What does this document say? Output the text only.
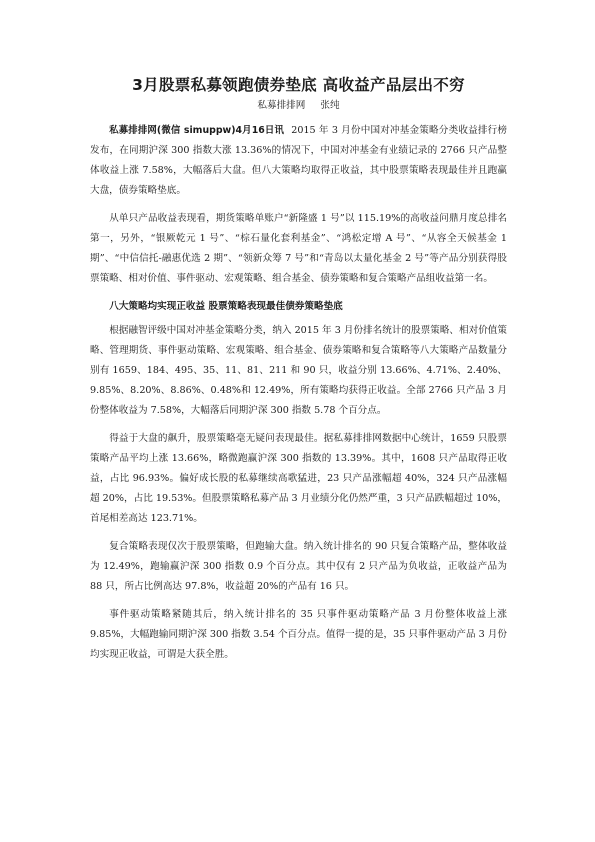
3月股票私募领跑债券垫底 高收益产品层出不穷
私募排排网 张纯

私募排排网(微信 simuppw)4月16日讯 2015 年 3 月份中国对冲基金策略分类收益排行榜发布，在同期沪深 300 指数大涨 13.36%的情况下，中国对冲基金有业绩记录的 2766 只产品整体收益上涨 7.58%，大幅落后大盘。但八大策略均取得正收益，其中股票策略表现最佳并且跑赢大盘，债券策略垫底。

从单只产品收益表现看，期货策略单账户“新隆盛 1 号”以 115.19%的高收益问鼎月度总排名第一，另外，“银厥乾元 1 号”、“棕石量化套利基金”、“鸿松定增 A 号”、“从容全天候基金 1 期”、“中信信托-融惠优选 2 期”、“领新众筹 7 号”和“青岛以太量化基金 2 号”等产品分别获得股票策略、相对价值、事件驱动、宏观策略、组合基金、债券策略和复合策略产品组收益第一名。

八大策略均实现正收益 股票策略表现最佳债券策略垫底

根据融智评级中国对冲基金策略分类，纳入 2015 年 3 月份排名统计的股票策略、相对价值策略、管理期货、事件驱动策略、宏观策略、组合基金、债券策略和复合策略等八大策略产品数量分别有 1659、184、495、35、11、81、211 和 90 只，收益分别 13.66%、4.71%、2.40%、9.85%、8.20%、8.86%、0.48%和 12.49%，所有策略均获得正收益。全部 2766 只产品 3 月份整体收益为 7.58%，大幅落后同期沪深 300 指数 5.78 个百分点。

得益于大盘的飙升，股票策略毫无疑问表现最佳。据私募排排网数据中心统计，1659 只股票策略产品平均上涨 13.66%，略微跑赢沪深 300 指数的 13.39%。其中，1608 只产品取得正收益，占比 96.93%。偏好成长股的私募继续高歌猛进，23 只产品涨幅超 40%，324 只产品涨幅超 20%，占比 19.53%。但股票策略私募产品 3 月业绩分化仍然严重，3 只产品跌幅超过 10%，首尾相差高达 123.71%。

复合策略表现仅次于股票策略，但跑输大盘。纳入统计排名的 90 只复合策略产品，整体收益为 12.49%，跑输赢沪深 300 指数 0.9 个百分点。其中仅有 2 只产品为负收益，正收益产品为 88 只，所占比例高达 97.8%，收益超 20%的产品有 16 只。

事件驱动策略紧随其后，纳入统计排名的 35 只事件驱动策略产品 3 月份整体收益上涨 9.85%，大幅跑输同期沪深 300 指数 3.54 个百分点。值得一提的是，35 只事件驱动产品 3 月份均实现正收益，可谓是大获全胜。
